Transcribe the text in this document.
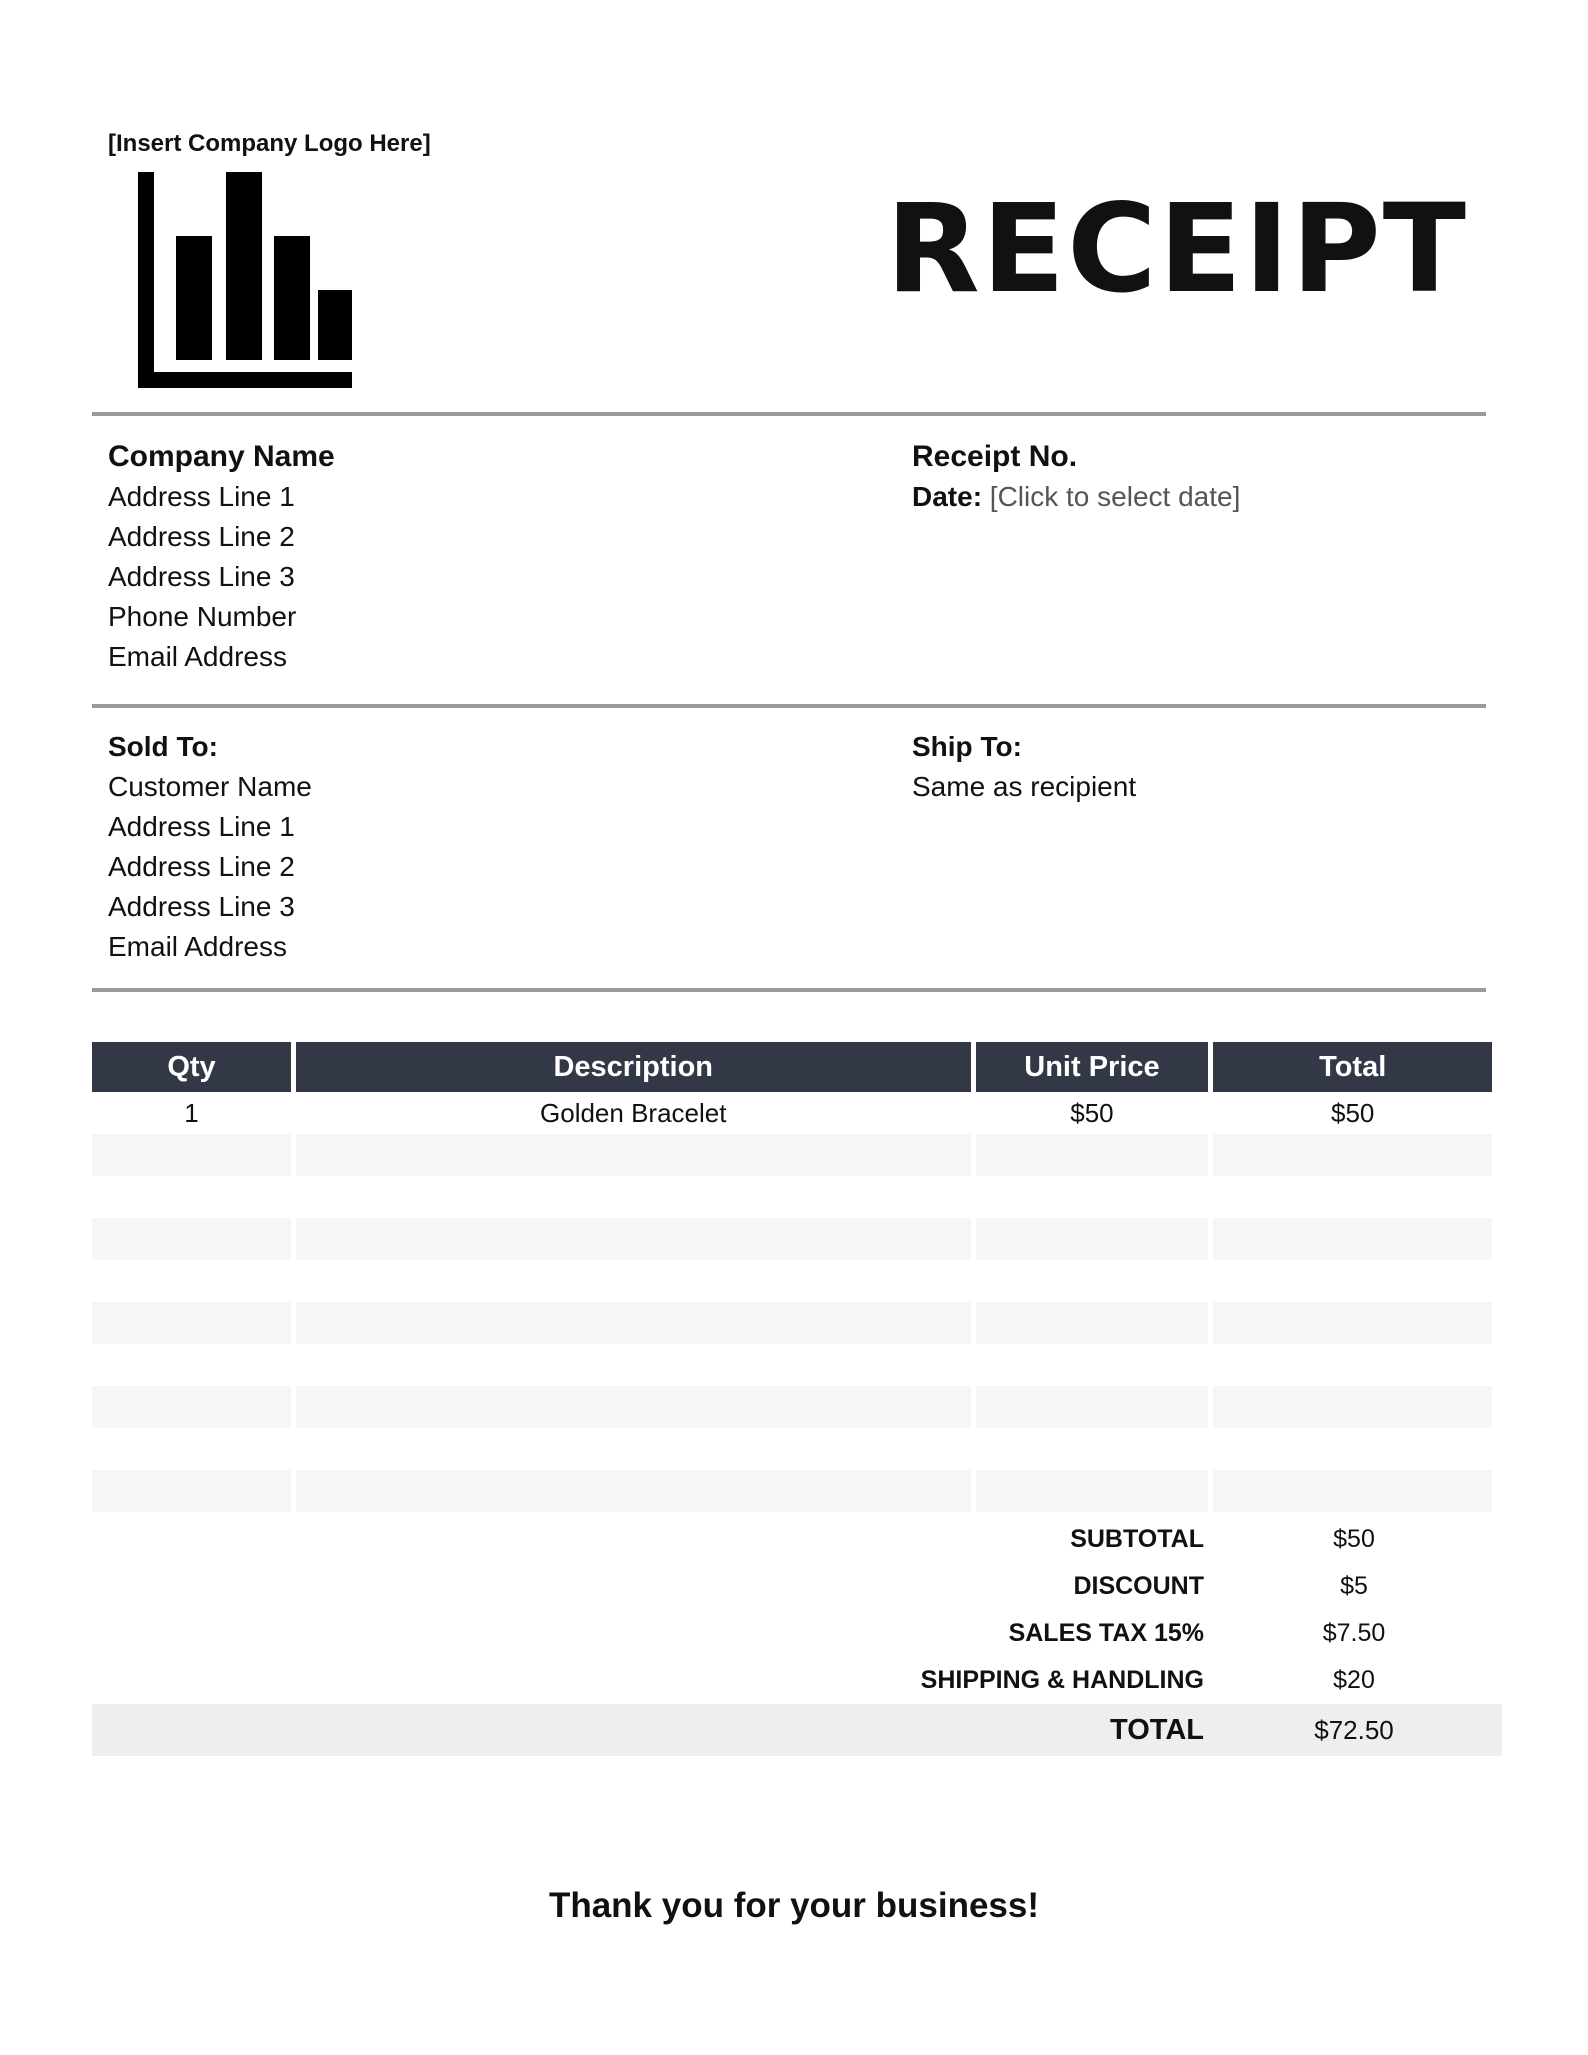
[Insert Company Logo Here]
RECEIPT
Company Name
Address Line 1
Address Line 2
Address Line 3
Phone Number
Email Address
Receipt No.
Date: [Click to select date]
Sold To:
Customer Name
Address Line 1
Address Line 2
Address Line 3
Email Address
Ship To:
Same as recipient
Qty	Description	Unit Price	Total
1	Golden Bracelet	$50	$50

SUBTOTAL	$50
DISCOUNT	$5
SALES TAX 15%	$7.50
SHIPPING & HANDLING	$20
TOTAL	$72.50
Thank you for your business!
